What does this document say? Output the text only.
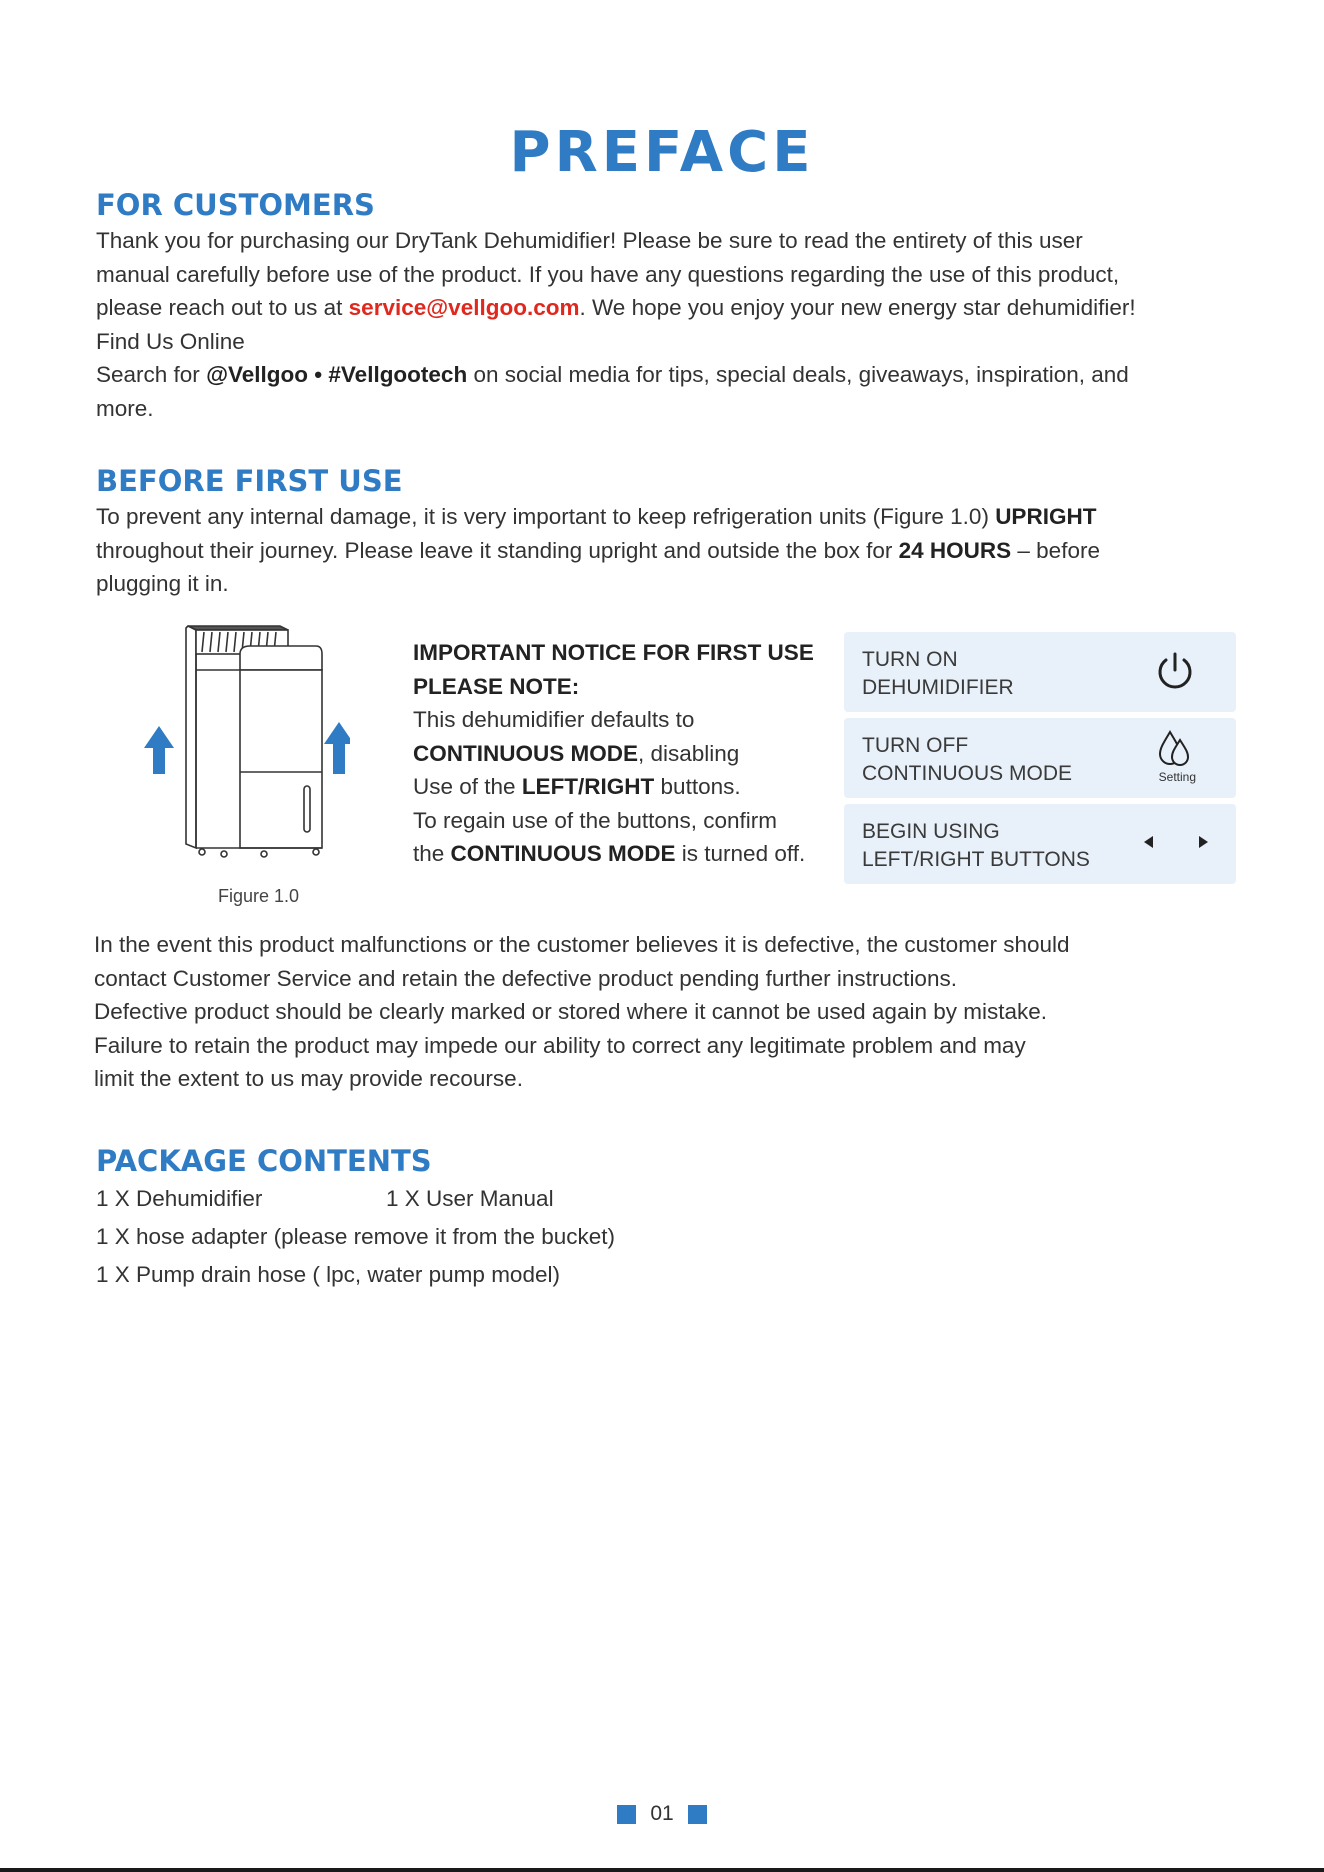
PREFACE
FOR CUSTOMERS
Thank you for purchasing our DryTank Dehumidifier! Please be sure to read the entirety of this user
manual carefully before use of the product. If you have any questions regarding the use of this product,
please reach out to us at service@vellgoo.com. We hope you enjoy your new energy star dehumidifier!
Find Us Online
Search for @Vellgoo • #Vellgootech on social media for tips, special deals, giveaways, inspiration, and
more.
BEFORE FIRST USE
To prevent any internal damage, it is very important to keep refrigeration units (Figure 1.0) UPRIGHT
throughout their journey. Please leave it standing upright and outside the box for 24 HOURS – before
plugging it in.
Figure 1.0
IMPORTANT NOTICE FOR FIRST USE
PLEASE NOTE:
This dehumidifier defaults to
CONTINUOUS MODE, disabling
Use of the LEFT/RIGHT buttons.
To regain use of the buttons, confirm
the CONTINUOUS MODE is turned off.
TURN ON
DEHUMIDIFIER
TURN OFF
CONTINUOUS MODE	Setting
BEGIN USING
LEFT/RIGHT BUTTONS
In the event this product malfunctions or the customer believes it is defective, the customer should
contact Customer Service and retain the defective product pending further instructions.
Defective product should be clearly marked or stored where it cannot be used again by mistake.
Failure to retain the product may impede our ability to correct any legitimate problem and may
limit the extent to us may provide recourse.
PACKAGE CONTENTS
1 X Dehumidifier	1 X User Manual
1 X hose adapter (please remove it from the bucket)
1 X Pump drain hose ( lpc, water pump model)
01
